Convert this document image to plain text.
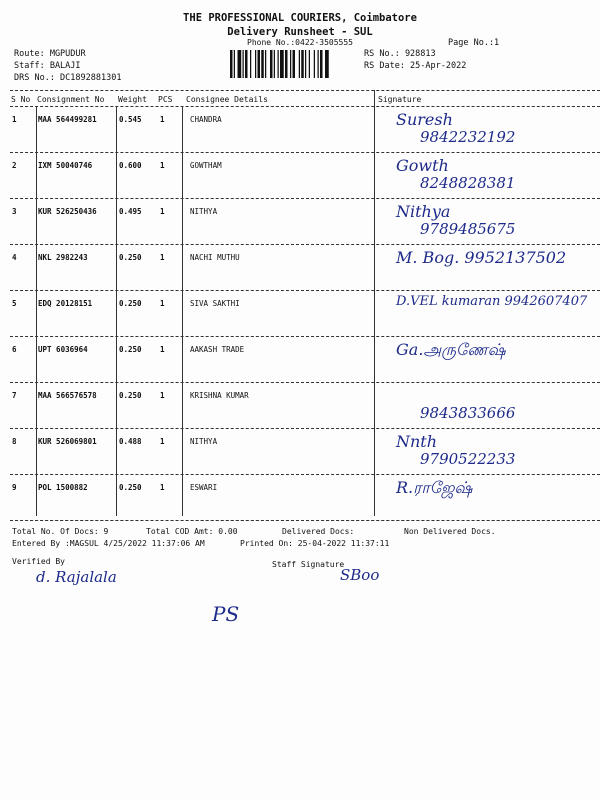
THE PROFESSIONAL COURIERS, Coimbatore
Delivery Runsheet - SUL
Phone No.:0422-3505555	Page No.:1
Route: MGPUDUR
Staff: BALAJI
DRS No.: DC1892881301
RS No.: 928813
RS Date: 25-Apr-2022
S No Consignment No Weight PCS Consignee Details	Signature
1	MAA 564499281	0.545 1	CHANDRA	Suresh
9842232192
2	IXM 50040746	0.600 1	GOWTHAM	Gowth
8248828381
3	KUR 526250436	0.495 1	NITHYA	Nithya
9789485675
4	NKL 2982243	0.250 1	NACHI MUTHU	M. Bog. 9952137502
5	EDQ 20128151	0.250 1	SIVA SAKTHI	D.VEL kumaran 9942607407
6	UPT 6036964	0.250 1	AAKASH TRADE	Ga.அருணேஷ்
7	MAA 566576578	0.250 1	KRISHNA KUMAR
9843833666
8	KUR 526069801	0.488 1	NITHYA	Nnth
9790522233
9	POL 1500882	0.250 1	ESWARI	R.ராஜேஷ்
Total No. Of Docs: 9	Total COD Amt: 0.00	Delivered Docs:	Non Delivered Docs.
Entered By :MAGSUL 4/25/2022 11:37:06 AM	Printed On: 25-04-2022 11:37:11
Verified By	Staff Signature
d. Rajalala	SBoo
PS
